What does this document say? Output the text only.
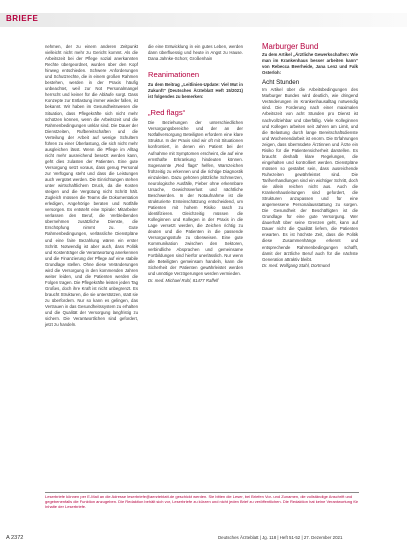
BRIEFE

nehmen, der zu einem anderen Zeitpunkt vielleicht nicht mehr zu Gericht kommt. Als die Arbeitszeit bei der Pflege sozial anerkannten Rechte übergeordnet, wurden über den Kopf hinweg entschieden. Schwere Anforderungen und Schutzrechte, die in einem großen Rahmen bestehen, werden in der Praxis häufig unbeachtet, weil zur Not Personalmangel herrscht und keiner für die Abläufe sorgt. Dass Konzepte zur Entlastung immer wieder fallen, ist bekannt. Wir haben im Gesundheitswesen die Situation, dass Pflegekräfte sich nicht mehr schützen können, wenn die Arbeitszeit und die Rahmenbedingungen unklar sind. Die Dauer der Dienstzeiten, Rufbereitschaften und die Verteilung der Arbeit auf wenige Schultern führen zu einer Überlastung, die sich nicht mehr ausgleichen lässt. Wenn die Pflege im Alltag nicht mehr ausreichend besetzt werden kann, geht dies zulasten der Patienten. Eine gute Versorgung setzt voraus, dass genug Personal zur Verfügung steht und dass die Leistungen auch vergütet werden. Die Einrichtungen stehen unter wirtschaftlichem Druck, da die Kosten steigen und die Vergütung nicht Schritt hält. Zugleich müssen die Teams die Dokumentation erledigen, Angehörige beraten und Notfälle versorgen. Es entsteht eine Spirale: Mitarbeiter verlassen den Beruf, die Verbleibenden übernehmen zusätzliche Dienste, die Erschöpfung nimmt zu. Gute Rahmenbedingungen, verlässliche Dienstpläne und eine faire Bezahlung wären ein erster Schritt. Notwendig ist aber auch, dass Politik und Kostenträger die Verantwortung anerkennen und die Finanzierung der Pflege auf eine stabile Grundlage stellen. Ohne diese Veränderungen wird die Versorgung in den kommenden Jahren weiter leiden, und die Patienten werden die Folgen tragen. Die Pflegekräfte leisten jeden Tag Großes, doch ihre Kraft ist nicht unbegrenzt. Es braucht Strukturen, die sie unterstützen, statt sie zu überfordern. Nur so kann es gelingen, das Vertrauen in das Gesundheitssystem zu erhalten und die Qualität der Versorgung langfristig zu sichern. Die Verantwortlichen sind gefordert, jetzt zu handeln.

die eine Entwicklung in ein gutes Leben, werden dann überfluessig und heute in Angst zu Hause. Dana Jahnke-Schorr, Großenhain

Reanimationen

Zu dem Beitrag „Leitlinien-Update: Viel Mut in Zukunft“ (Deutsches Ärzteblatt Heft 15/2021) ist folgendes zu bemerken:

„Red flags“

Die Beziehungen der unterschiedlichen Versorgungsbereiche und der an der Notfallversorgung Beteiligten erfordern eine klare Struktur. In der Praxis sind wir oft mit Situationen konfrontiert, in denen ein Patient bei der Aufnahme mit Symptomen erscheint, die auf eine ernsthafte Erkrankung hindeuten können. Sogenannte „Red flags“ helfen, Warnzeichen frühzeitig zu erkennen und die richtige Diagnostik einzuleiten. Dazu gehören plötzliche Schmerzen, neurologische Ausfälle, Fieber ohne erkennbare Ursache, Gewichtsverlust und nächtliche Beschwerden. In der Notaufnahme ist die strukturierte Ersteinschätzung entscheidend, um Patienten mit hohem Risiko rasch zu identifizieren. Gleichzeitig müssen die Kolleginnen und Kollegen in der Praxis in die Lage versetzt werden, die Zeichen richtig zu deuten und die Patienten in die passende Versorgungsstufe zu überweisen. Eine gute Kommunikation zwischen den Sektoren, verbindliche Absprachen und gemeinsame Fortbildungen sind hierfür unerlässlich. Nur wenn alle Beteiligten gemeinsam handeln, kann die Sicherheit der Patienten gewährleistet werden und unnötige Verzögerungen werden vermieden.

Dr. med. Michael Ruhl, 81477 Raffelf

Marburger Bund

Zu dem Artikel „Ärztliche Gewerkschaften: Wie man im Krankenhaus besser arbeiten kann“ von Rebecca Beerheide, Jana Lenz und Falk Osterloh:

Acht Stunden

Im Artikel über die Arbeitsbedingungen des Marburger Bundes wird deutlich, wie dringend Veränderungen im Krankenhausalltag notwendig sind. Die Forderung nach einer maximalen Arbeitszeit von acht Stunden pro Dienst ist nachvollziehbar und überfällig. Viele Kolleginnen und Kollegen arbeiten seit Jahren am Limit, und die Belastung durch lange Bereitschaftsdienste und Wochenendarbeit ist enorm. Die Erfahrungen zeigen, dass übermüdete Ärztinnen und Ärzte ein Risiko für die Patientensicherheit darstellen. Es braucht deshalb klare Regelungen, die eingehalten und kontrolliert werden. Dienstpläne müssen so gestaltet sein, dass ausreichende Ruhezeiten gewährleistet sind. Die Tarifverhandlungen sind ein wichtiger Schritt, doch sie allein reichen nicht aus. Auch die Krankenhausleitungen sind gefordert, die Strukturen anzupassen und für eine angemessene Personalausstattung zu sorgen. Die Gesundheit der Beschäftigten ist die Grundlage für eine gute Versorgung. Wer dauerhaft über seine Grenzen geht, kann auf Dauer nicht die Qualität liefern, die Patienten erwarten. Es ist höchste Zeit, dass die Politik diese Zusammenhänge erkennt und entsprechende Rahmenbedingungen schafft, damit der ärztliche Beruf auch für die nächste Generation attraktiv bleibt.

Dr. med. Wolfgang Stahl, Dortmund

Leserbriefe können per E-Mail an die Adresse leserbriefe@aerzteblatt.de geschickt werden. Sie bitten die Leser, bei Briefen Vor- und Zunamen, die vollständige Anschrift und gegebenenfalls die Funktion anzugeben. Die Redaktion behält sich vor, Leserbriefe zu kürzen und nicht jeden Brief zu veröffentlichen. Die Redaktion hat keine Verantwortung für Inhalte der Leserbriefe.
A 2372	Deutsches Ärzteblatt | Jg. 118 | Heft 51-52 | 27. Dezember 2021
